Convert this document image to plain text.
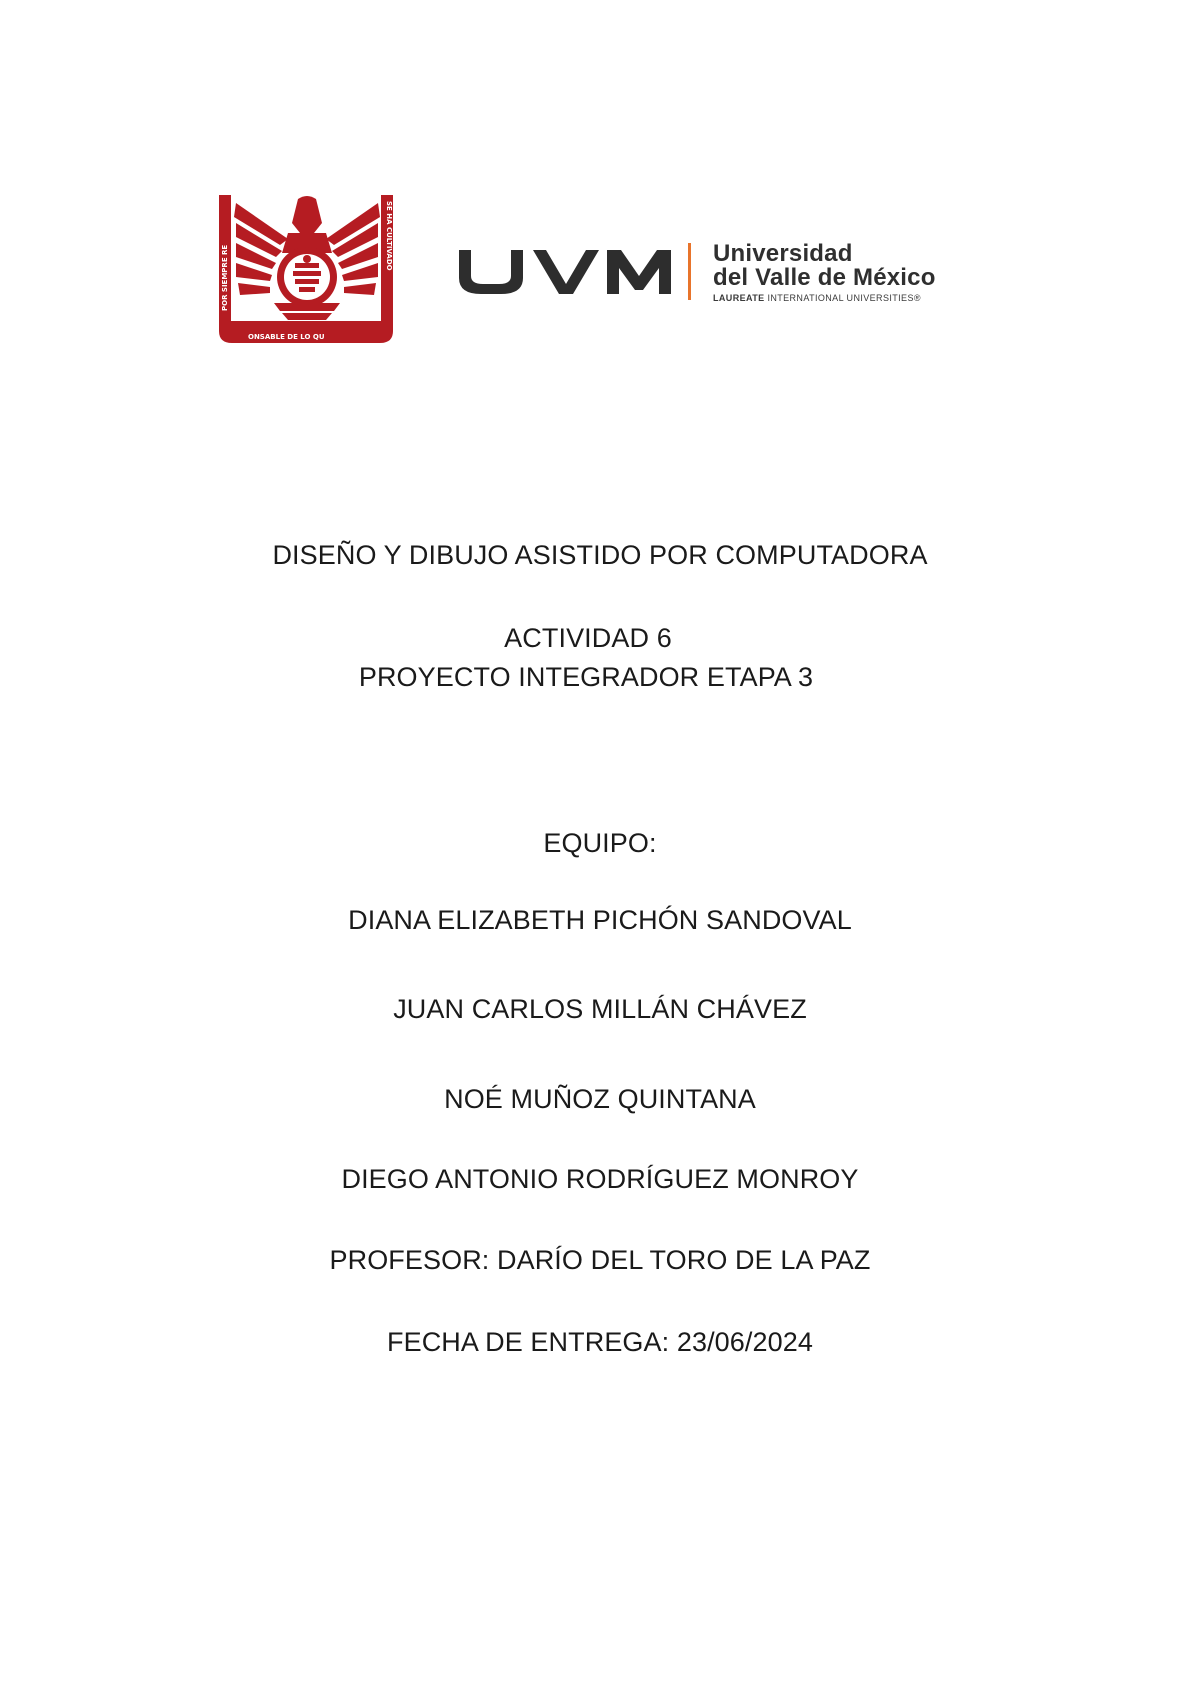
POR SIEMPRE RE
SE HA CULTIVADO
ONSABLE DE LO QU
Universidad
del Valle de México
LAUREATE INTERNATIONAL UNIVERSITIES®
DISEÑO Y DIBUJO ASISTIDO POR COMPUTADORA
ACTIVIDAD 6
PROYECTO INTEGRADOR ETAPA 3
EQUIPO:
DIANA ELIZABETH PICHÓN SANDOVAL
JUAN CARLOS MILLÁN CHÁVEZ
NOÉ MUÑOZ QUINTANA
DIEGO ANTONIO RODRÍGUEZ MONROY
PROFESOR: DARÍO DEL TORO DE LA PAZ
FECHA DE ENTREGA: 23/06/2024
